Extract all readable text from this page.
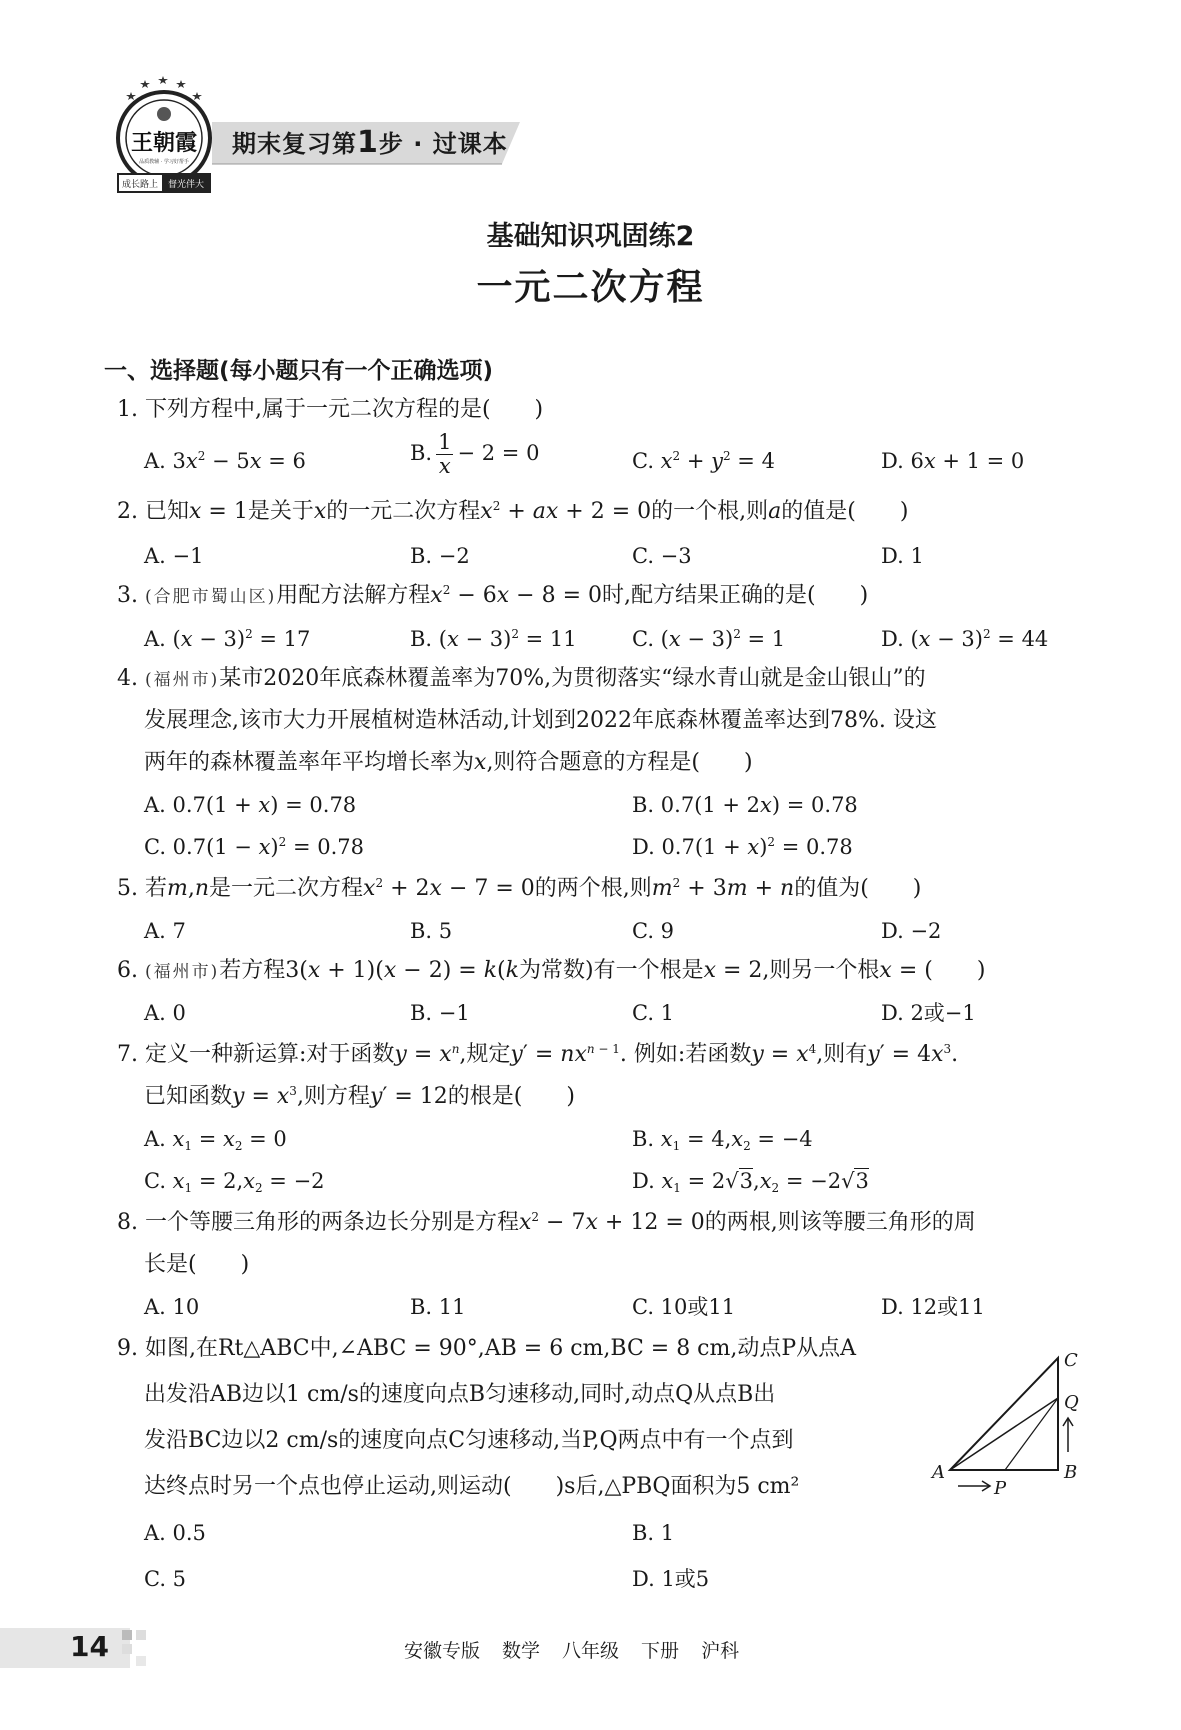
王朝霞
品质教辅 · 学习好帮手
成长路上 督光伴大
期末复习第1步 · 过课本
基础知识巩固练2
一元二次方程
一、选择题(每小题只有一个正确选项)
1. 下列方程中,属于一元二次方程的是(　　)
A. $3x^2 - 5x = 6$	B. $\frac{1}{x} - 2 = 0$	C. $x^2 + y^2 = 4$	D. 6x + 1 = 0
2. 已知x = 1是关于x的一元二次方程$x^2$ + ax + 2 = 0的一个根,则a的值是(　　)
A. −1	B. −2	C. −3	D. 1
3. (合肥市蜀山区)用配方法解方程$x^2 - 6x - 8 = 0$时,配方结果正确的是(　　)
A. $(x - 3)^2 = 17$	B. $(x - 3)^2 = 11$	C. $(x - 3)^2 = 1$	D. $(x - 3)^2 = 44$
4. (福州市)某市2020年底森林覆盖率为70%,为贯彻落实“绿水青山就是金山银山”的
发展理念,该市大力开展植树造林活动,计划到2022年底森林覆盖率达到78%. 设这
两年的森林覆盖率年平均增长率为x,则符合题意的方程是(　　)
A. 0.7(1 + x) = 0.78	B. 0.7(1 + 2x) = 0.78
C. $0.7(1 - x)^2 = 0.78$	D. $0.7(1 + x)^2 = 0.78$
5. 若m,n是一元二次方程$x^2 + 2x - 7 = 0$的两个根,则$m^2 + 3m + n$的值为(　　)
A. 7	B. 5	C. 9	D. −2
6. (福州市)若方程3(x + 1)(x − 2) = k(k为常数)有一个根是x = 2,则另一个根x = (　　)
A. 0	B. −1	C. 1	D. 2或−1
7. 定义一种新运算:对于函数$y = x^n$,规定$y' = nx^{n - 1}$. 例如:若函数$y = x^4$,则有$y' = 4x^3$.
已知函数$y = x^3$,则方程y′ = 12的根是(　　)
A. $x_1 = x_2 = 0$	B. $x_1 = 4,x_2 = -4$
C. $x_1 = 2,x_2 = -2$	D. $x_1 = 2√3,x_2 = -2√3$
8. 一个等腰三角形的两条边长分别是方程$x^2 - 7x + 12 = 0$的两根,则该等腰三角形的周
长是(　　)
A. 10	B. 11	C. 10或11	D. 12或11
9. 如图,在Rt△ABC中,∠ABC = 90°,AB = 6 cm,BC = 8 cm,动点P从点A
出发沿AB边以1 cm/s的速度向点B匀速移动,同时,动点Q从点B出
发沿BC边以2 cm/s的速度向点C匀速移动,当P,Q两点中有一个点到
达终点时另一个点也停止运动,则运动(　　)s后,△PBQ面积为5 cm²
A. 0.5	B. 1
C. 5	D. 1或5
C
Q
A	B
P
14	安徽专版 数学 八年级 下册 沪科
